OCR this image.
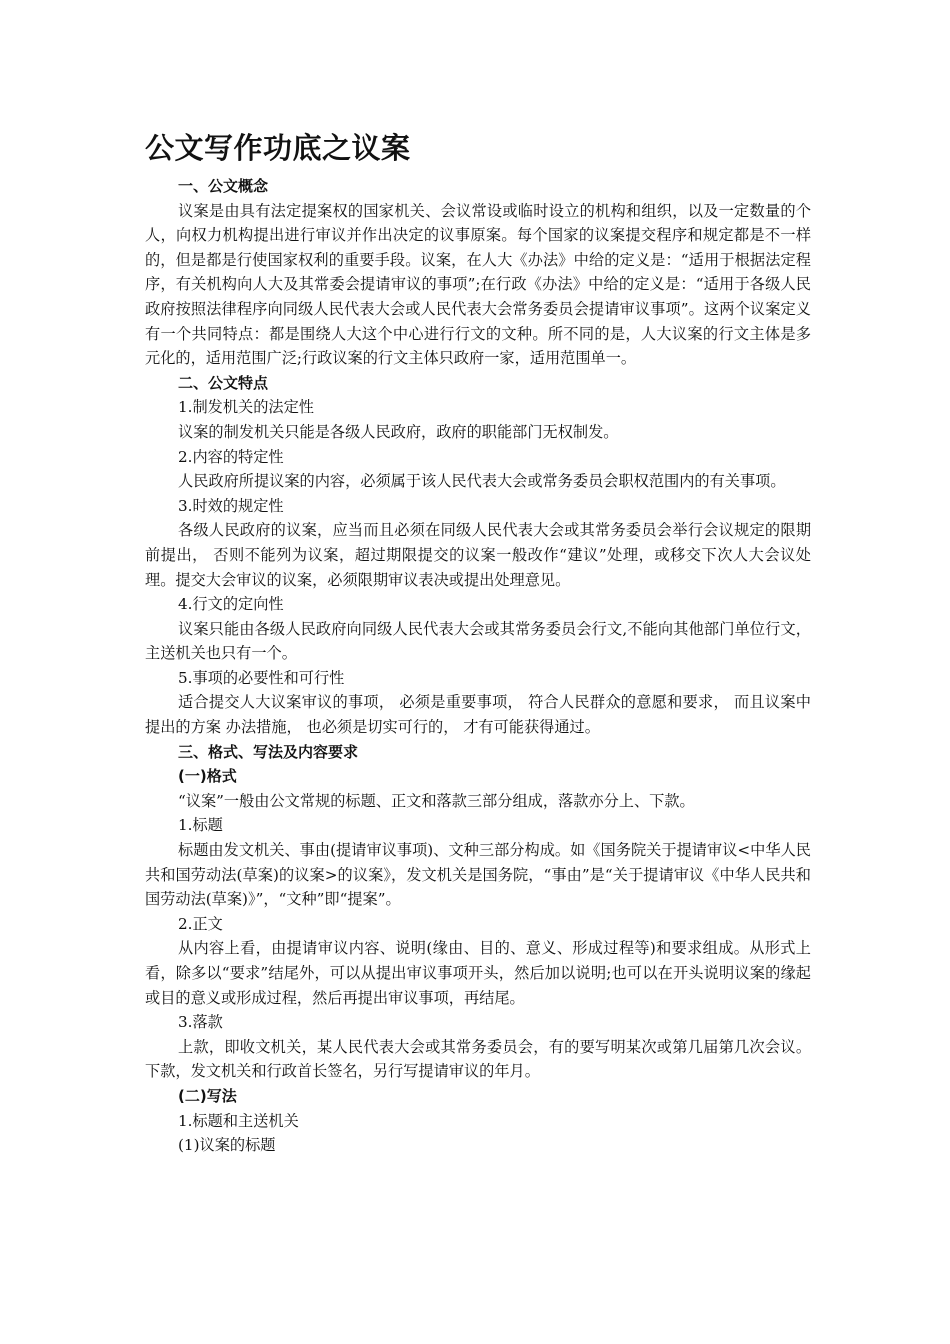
公文写作功底之议案

一、公文概念

议案是由具有法定提案权的国家机关、会议常设或临时设立的机构和组织，以及一定数量的个人，向权力机构提出进行审议并作出决定的议事原案。每个国家的议案提交程序和规定都是不一样的，但是都是行使国家权利的重要手段。议案，在人大《办法》中给的定义是：“适用于根据法定程序，有关机构向人大及其常委会提请审议的事项”;在行政《办法》中给的定义是：“适用于各级人民政府按照法律程序向同级人民代表大会或人民代表大会常务委员会提请审议事项”。这两个议案定义有一个共同特点：都是围绕人大这个中心进行行文的文种。所不同的是，人大议案的行文主体是多元化的，适用范围广泛;行政议案的行文主体只政府一家，适用范围单一。

二、公文特点

1.制发机关的法定性

议案的制发机关只能是各级人民政府，政府的职能部门无权制发。

2.内容的特定性

人民政府所提议案的内容，必须属于该人民代表大会或常务委员会职权范围内的有关事项。

3.时效的规定性

各级人民政府的议案，应当而且必须在同级人民代表大会或其常务委员会举行会议规定的限期前提出， 否则不能列为议案，超过期限提交的议案一般改作“建议”处理，或移交下次人大会议处理。提交大会审议的议案，必须限期审议表决或提出处理意见。

4.行文的定向性

议案只能由各级人民政府向同级人民代表大会或其常务委员会行文,不能向其他部门单位行文，主送机关也只有一个。

5.事项的必要性和可行性

适合提交人大议案审议的事项， 必须是重要事项， 符合人民群众的意愿和要求， 而且议案中提出的方案 办法措施， 也必须是切实可行的， 才有可能获得通过。

三、格式、写法及内容要求

(一)格式

“议案”一般由公文常规的标题、正文和落款三部分组成，落款亦分上、下款。

1.标题

标题由发文机关、事由(提请审议事项)、文种三部分构成。如《国务院关于提请审议<中华人民共和国劳动法(草案)的议案>的议案》，发文机关是国务院，“事由”是“关于提请审议《中华人民共和国劳动法(草案)》”，“文种”即“提案”。

2.正文

从内容上看，由提请审议内容、说明(缘由、目的、意义、形成过程等)和要求组成。从形式上看，除多以“要求”结尾外，可以从提出审议事项开头，然后加以说明;也可以在开头说明议案的缘起或目的意义或形成过程，然后再提出审议事项，再结尾。

3.落款

上款，即收文机关，某人民代表大会或其常务委员会，有的要写明某次或第几届第几次会议。下款，发文机关和行政首长签名，另行写提请审议的年月。

(二)写法

1.标题和主送机关

(1)议案的标题
